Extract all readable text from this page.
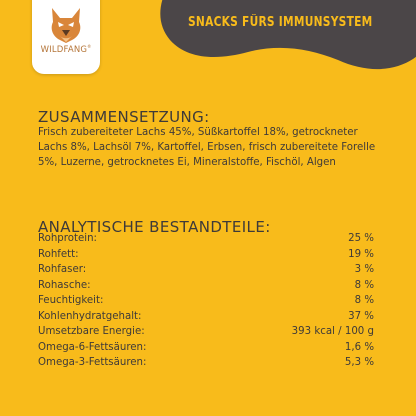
SNACKS FÜRS IMMUNSYSTEM
WILDFANG®
ZUSAMMENSETZUNG:
Frisch zubereiteter Lachs 45%, Süßkartoffel 18%, getrockneter Lachs 8%, Lachsöl 7%, Kartoffel, Erbsen, frisch zubereitete Forelle 5%, Luzerne, getrocknetes Ei, Mineralstoffe, Fischöl, Algen
ANALYTISCHE BESTANDTEILE:
Rohprotein:	25 %
Rohfett:	19 %
Rohfaser:	3 %
Rohasche:	8 %
Feuchtigkeit:	8 %
Kohlenhydratgehalt:	37 %
Umsetzbare Energie:	393 kcal / 100 g
Omega-6-Fettsäuren:	1,6 %
Omega-3-Fettsäuren:	5,3 %
